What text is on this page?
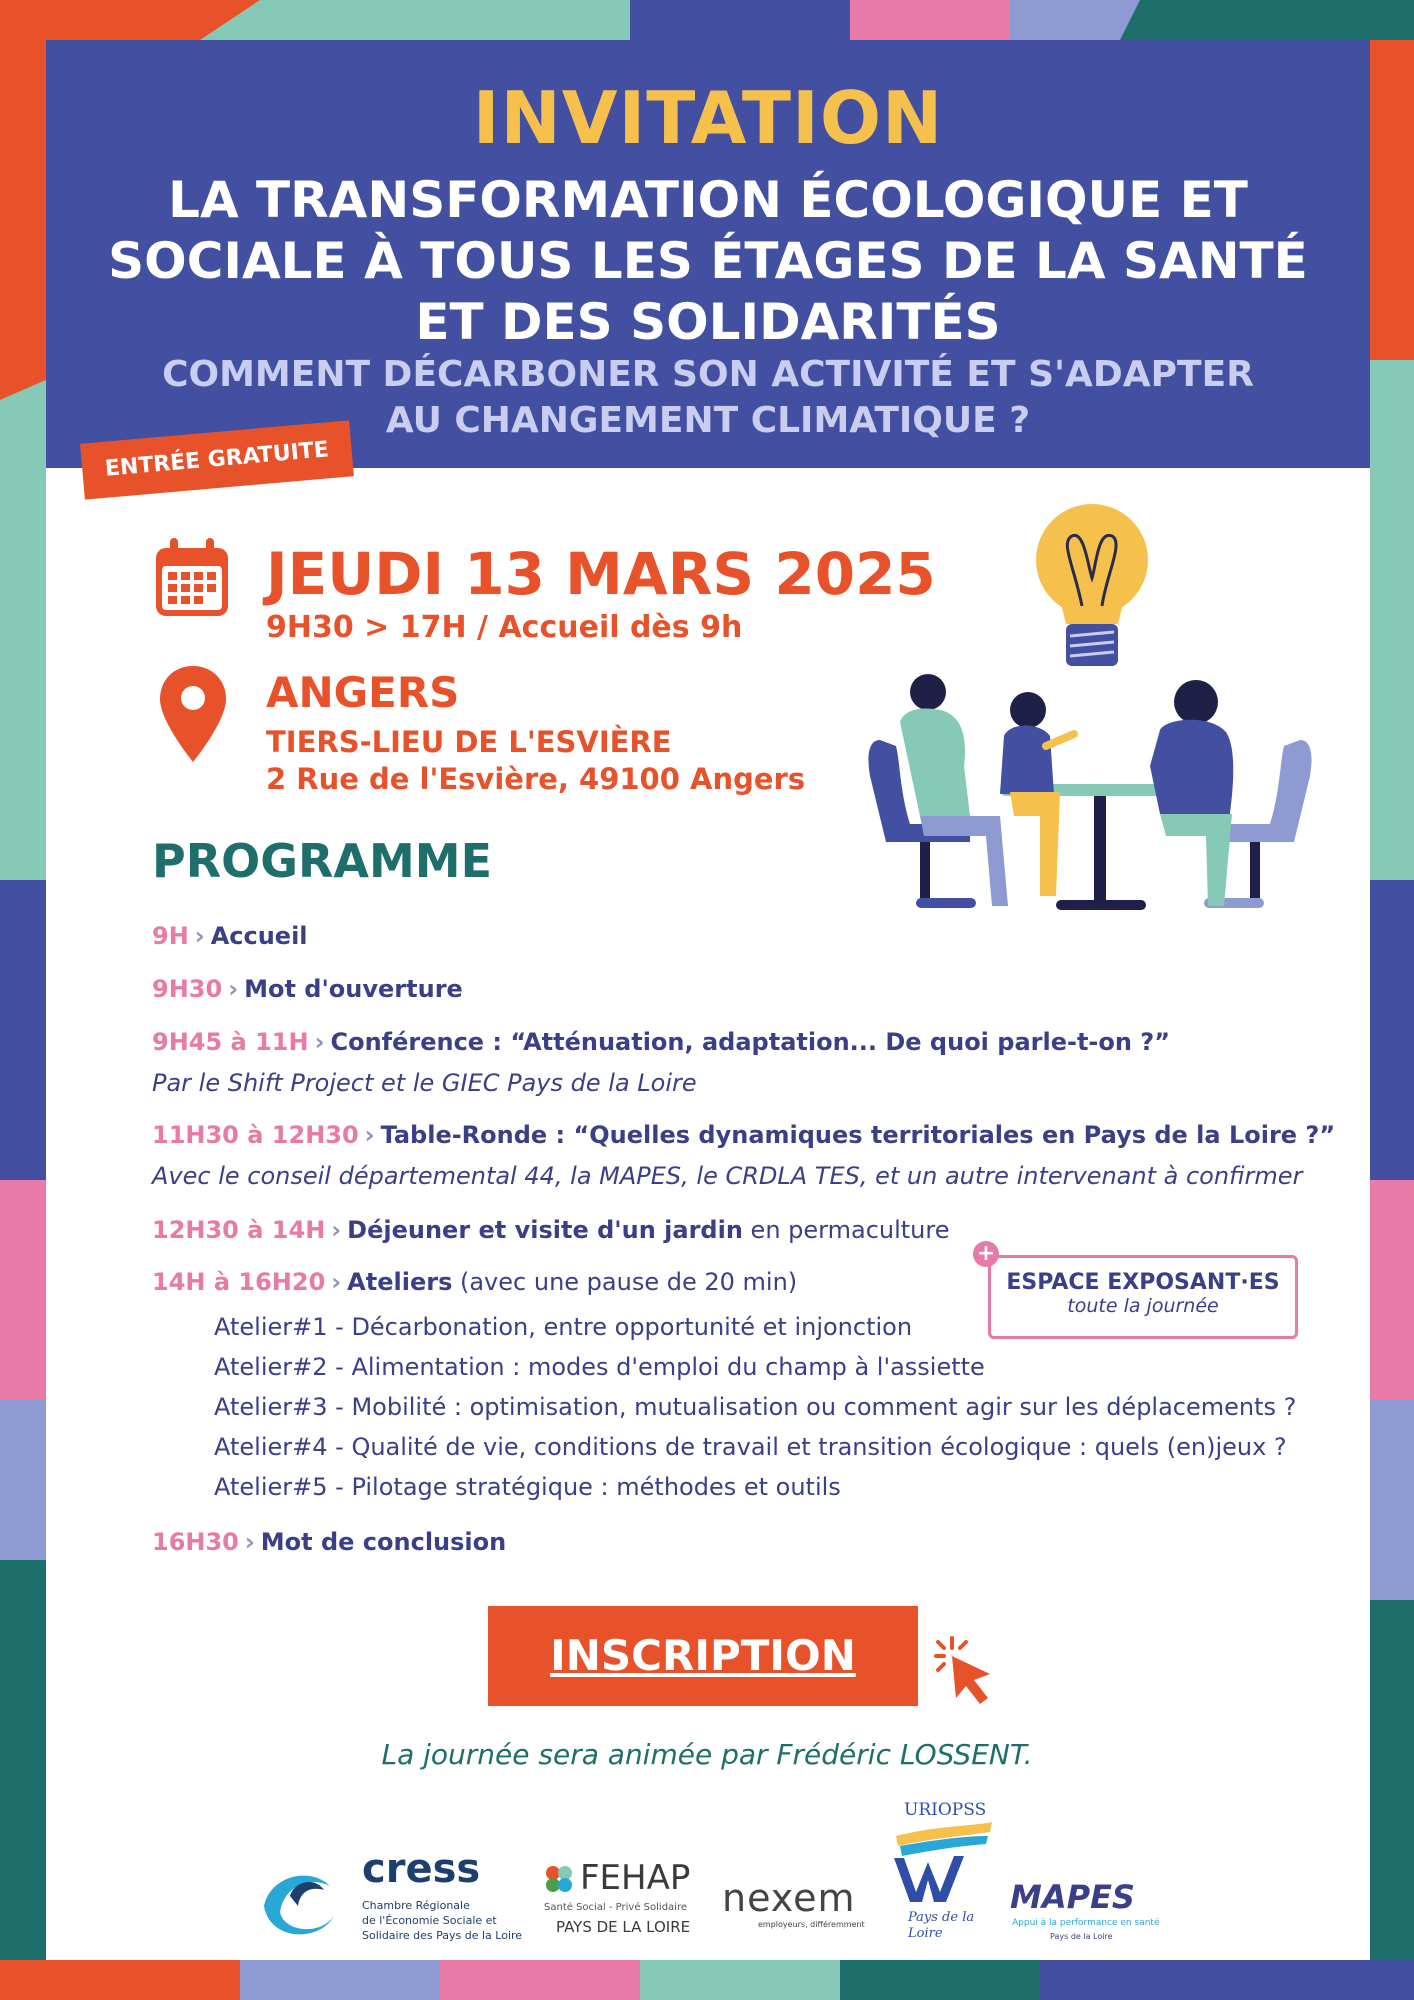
INVITATION
LA TRANSFORMATION ÉCOLOGIQUE ET
SOCIALE À TOUS LES ÉTAGES DE LA SANTÉ
ET DES SOLIDARITÉS
COMMENT DÉCARBONER SON ACTIVITÉ ET S'ADAPTER
AU CHANGEMENT CLIMATIQUE ?
ENTRÉE GRATUITE
JEUDI 13 MARS 2025
9H30 > 17H / Accueil dès 9h
ANGERS
TIERS-LIEU DE L'ESVIÈRE
2 Rue de l'Esvière, 49100 Angers
PROGRAMME
9H › Accueil
9H30 › Mot d'ouverture
9H45 à 11H › Conférence : “Atténuation, adaptation... De quoi parle-t-on ?”
Par le Shift Project et le GIEC Pays de la Loire
11H30 à 12H30 › Table-Ronde : “Quelles dynamiques territoriales en Pays de la Loire ?”
Avec le conseil départemental 44, la MAPES, le CRDLA TES, et un autre intervenant à confirmer
12H30 à 14H › Déjeuner et visite d'un jardin en permaculture
14H à 16H20 › Ateliers (avec une pause de 20 min)
Atelier#1 - Décarbonation, entre opportunité et injonction
Atelier#2 - Alimentation : modes d'emploi du champ à l'assiette
Atelier#3 - Mobilité : optimisation, mutualisation ou comment agir sur les déplacements ?
Atelier#4 - Qualité de vie, conditions de travail et transition écologique : quels (en)jeux ?
Atelier#5 - Pilotage stratégique : méthodes et outils
16H30 › Mot de conclusion
ESPACE EXPOSANT·ES
toute la journée
+
INSCRIPTION
La journée sera animée par Frédéric LOSSENT.
cress
Chambre Régionale
de l'Économie Sociale et
Solidaire des Pays de la Loire
FEHAP
Santé Social - Privé Solidaire
PAYS DE LA LOIRE
nexem
employeurs, différemment
URIOPSS
Pays de la Loire
MAPES
Appui à la performance en santé
Pays de la Loire
